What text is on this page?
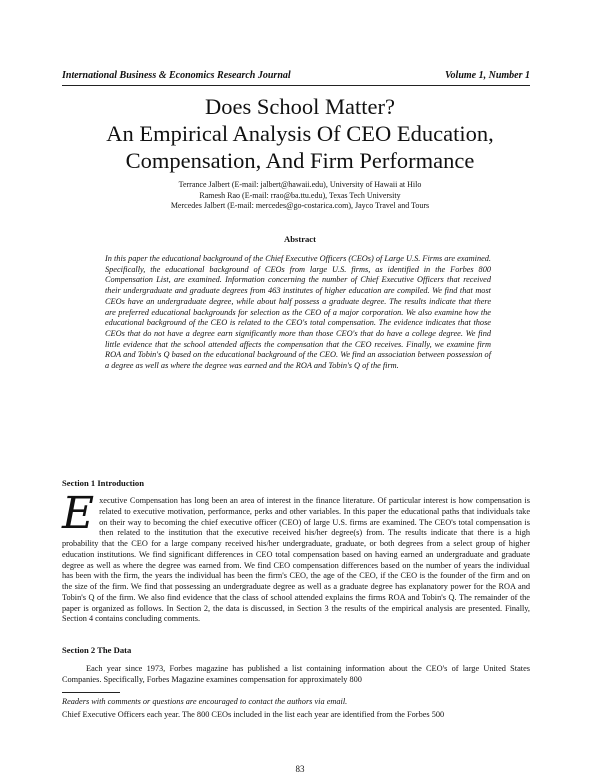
International Business & Economics Research Journal	Volume 1, Number 1
Does School Matter?
An Empirical Analysis Of CEO Education,
Compensation, And Firm Performance
Terrance Jalbert (E-mail: jalbert@hawaii.edu), University of Hawaii at Hilo
Ramesh Rao (E-mail: rrao@ba.ttu.edu), Texas Tech University
Mercedes Jalbert (E-mail: mercedes@go-costarica.com), Jayco Travel and Tours
Abstract
In this paper the educational background of the Chief Executive Officers (CEOs) of Large U.S. Firms are examined. Specifically, the educational background of CEOs from large U.S. firms, as identified in the Forbes 800 Compensation List, are examined. Information concerning the number of Chief Executive Officers that received their undergraduate and graduate degrees from 463 institutes of higher education are compiled. We find that most CEOs have an undergraduate degree, while about half possess a graduate degree. The results indicate that there are preferred educational backgrounds for selection as the CEO of a major corporation. We also examine how the educational background of the CEO is related to the CEO's total compensation. The evidence indicates that those CEOs that do not have a degree earn significantly more than those CEO's that do have a college degree. We find little evidence that the school attended affects the compensation that the CEO receives. Finally, we examine firm ROA and Tobin's Q based on the educational background of the CEO. We find an association between possession of a degree as well as where the degree was earned and the ROA and Tobin's Q of the firm.
Section 1 Introduction
Executive Compensation has long been an area of interest in the finance literature. Of particular interest is how compensation is related to executive motivation, performance, perks and other variables. In this paper the educational paths that individuals take on their way to becoming the chief executive officer (CEO) of large U.S. firms are examined. The CEO's total compensation is then related to the institution that the executive received his/her degree(s) from. The results indicate that there is a high probability that the CEO for a large company received his/her undergraduate, graduate, or both degrees from a select group of higher education institutions. We find significant differences in CEO total compensation based on having earned an undergraduate and graduate degree as well as where the degree was earned from. We find CEO compensation differences based on the number of years the individual has been with the firm, the years the individual has been the firm's CEO, the age of the CEO, if the CEO is the founder of the firm and on the size of the firm. We find that possessing an undergraduate degree as well as a graduate degree has explanatory power for the ROA and Tobin's Q of the firm. We also find evidence that the class of school attended explains the firms ROA and Tobin's Q. The remainder of the paper is organized as follows. In Section 2, the data is discussed, in Section 3 the results of the empirical analysis are presented. Finally, Section 4 contains concluding comments.
Section 2 The Data
Each year since 1973, Forbes magazine has published a list containing information about the CEO's of large United States Companies. Specifically, Forbes Magazine examines compensation for approximately 800
Readers with comments or questions are encouraged to contact the authors via email.
Chief Executive Officers each year. The 800 CEOs included in the list each year are identified from the Forbes 500
83
